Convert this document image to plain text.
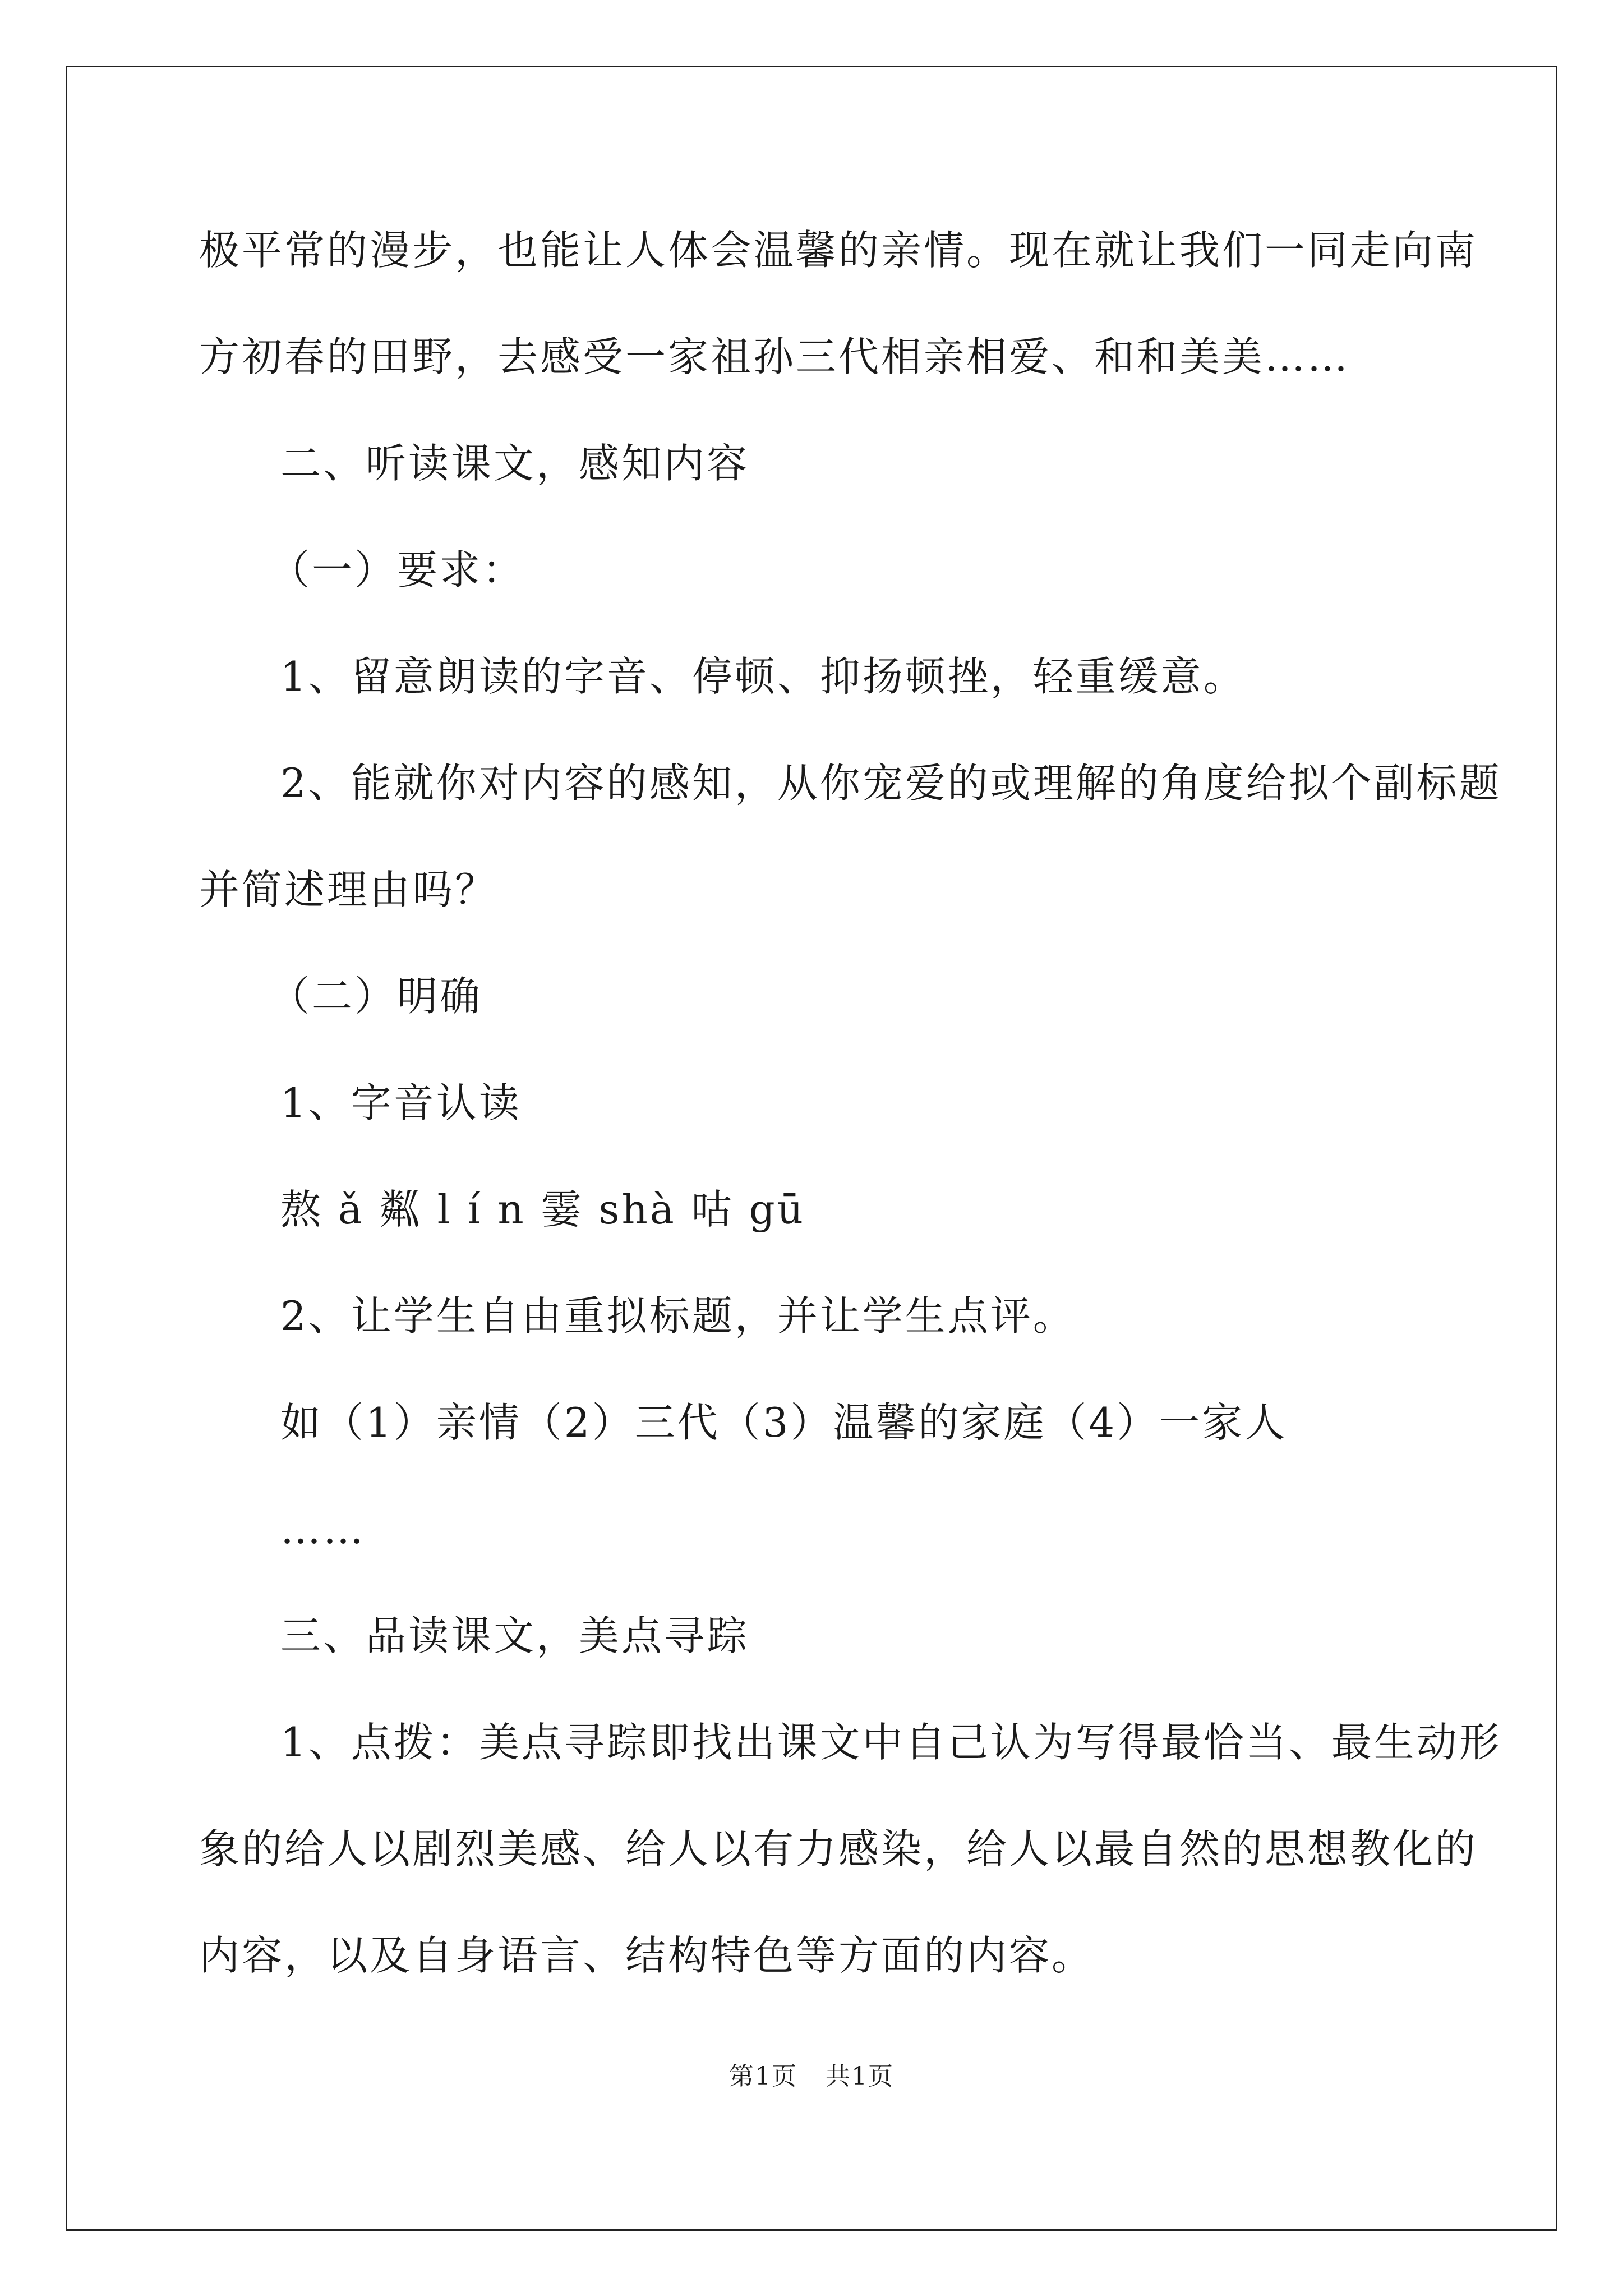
极平常的漫步，也能让人体会温馨的亲情。现在就让我们一同走向南
方初春的田野，去感受一家祖孙三代相亲相爱、和和美美……
二、听读课文，感知内容
（一）要求：
1、留意朗读的字音、停顿、抑扬顿挫，轻重缓意。
2、能就你对内容的感知，从你宠爱的或理解的角度给拟个副标题
并简述理由吗？
（二）明确
1、字音认读
熬 ǎ 粼 l í n 霎 shà 咕 gū
2、让学生自由重拟标题，并让学生点评。
如（1）亲情（2）三代（3）温馨的家庭（4）一家人
……
三、品读课文，美点寻踪
1、点拨：美点寻踪即找出课文中自己认为写得最恰当、最生动形
象的给人以剧烈美感、给人以有力感染，给人以最自然的思想教化的
内容，以及自身语言、结构特色等方面的内容。
第1页 共1页
